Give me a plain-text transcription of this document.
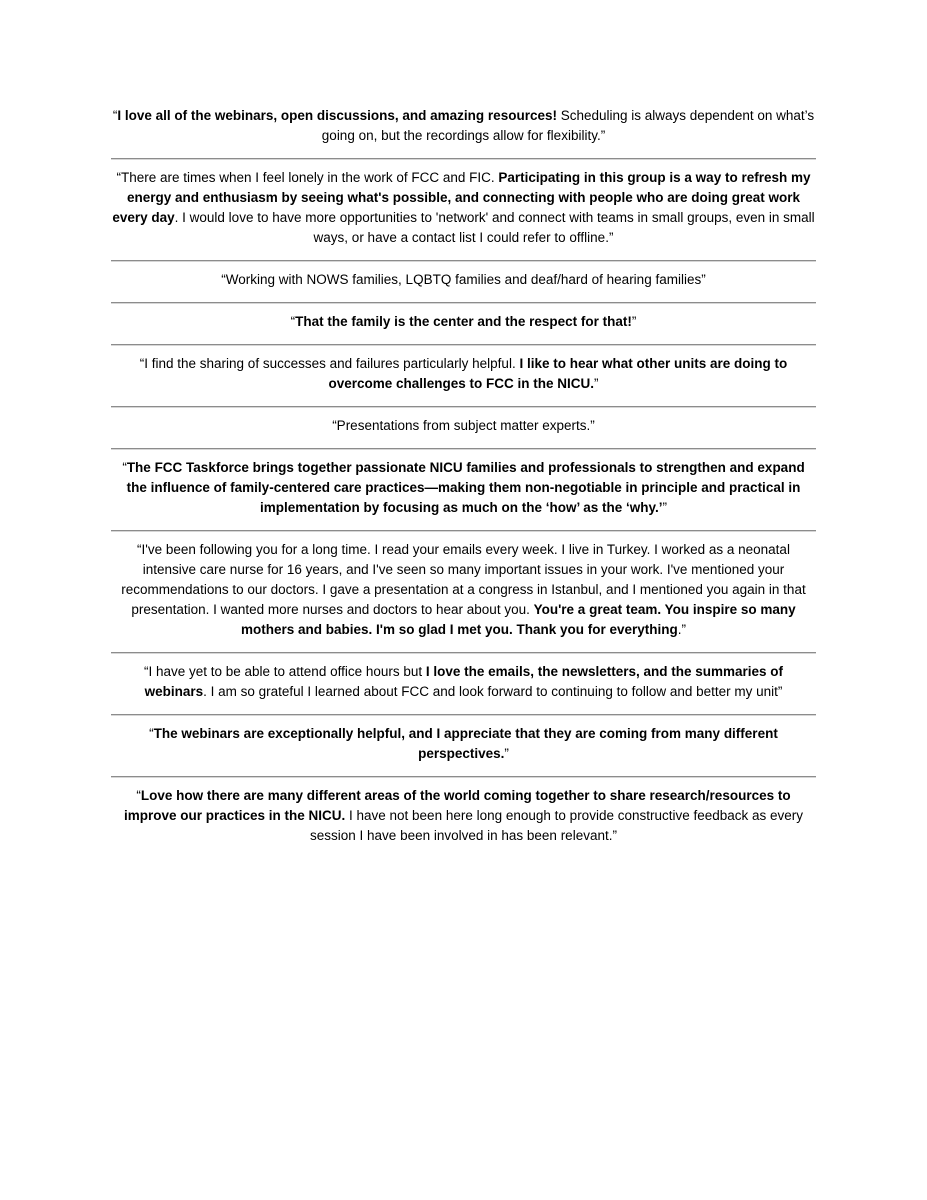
“I love all of the webinars, open discussions, and amazing resources! Scheduling is always dependent on what’s going on, but the recordings allow for flexibility.”

“There are times when I feel lonely in the work of FCC and FIC. Participating in this group is a way to refresh my energy and enthusiasm by seeing what's possible, and connecting with people who are doing great work every day. I would love to have more opportunities to 'network' and connect with teams in small groups, even in small ways, or have a contact list I could refer to offline.”

“Working with NOWS families, LQBTQ families and deaf/hard of hearing families”

“That the family is the center and the respect for that!”

“I find the sharing of successes and failures particularly helpful. I like to hear what other units are doing to overcome challenges to FCC in the NICU.”

“Presentations from subject matter experts.”

“The FCC Taskforce brings together passionate NICU families and professionals to strengthen and expand the influence of family-centered care practices—making them non-negotiable in principle and practical in implementation by focusing as much on the ‘how’ as the ‘why.’”

“I've been following you for a long time. I read your emails every week. I live in Turkey. I worked as a neonatal intensive care nurse for 16 years, and I've seen so many important issues in your work. I've mentioned your recommendations to our doctors. I gave a presentation at a congress in Istanbul, and I mentioned you again in that presentation. I wanted more nurses and doctors to hear about you. You're a great team. You inspire so many mothers and babies. I'm so glad I met you. Thank you for everything.”

“I have yet to be able to attend office hours but I love the emails, the newsletters, and the summaries of webinars. I am so grateful I learned about FCC and look forward to continuing to follow and better my unit”

“The webinars are exceptionally helpful, and I appreciate that they are coming from many different perspectives.”

“Love how there are many different areas of the world coming together to share research/resources to improve our practices in the NICU. I have not been here long enough to provide constructive feedback as every session I have been involved in has been relevant.”
